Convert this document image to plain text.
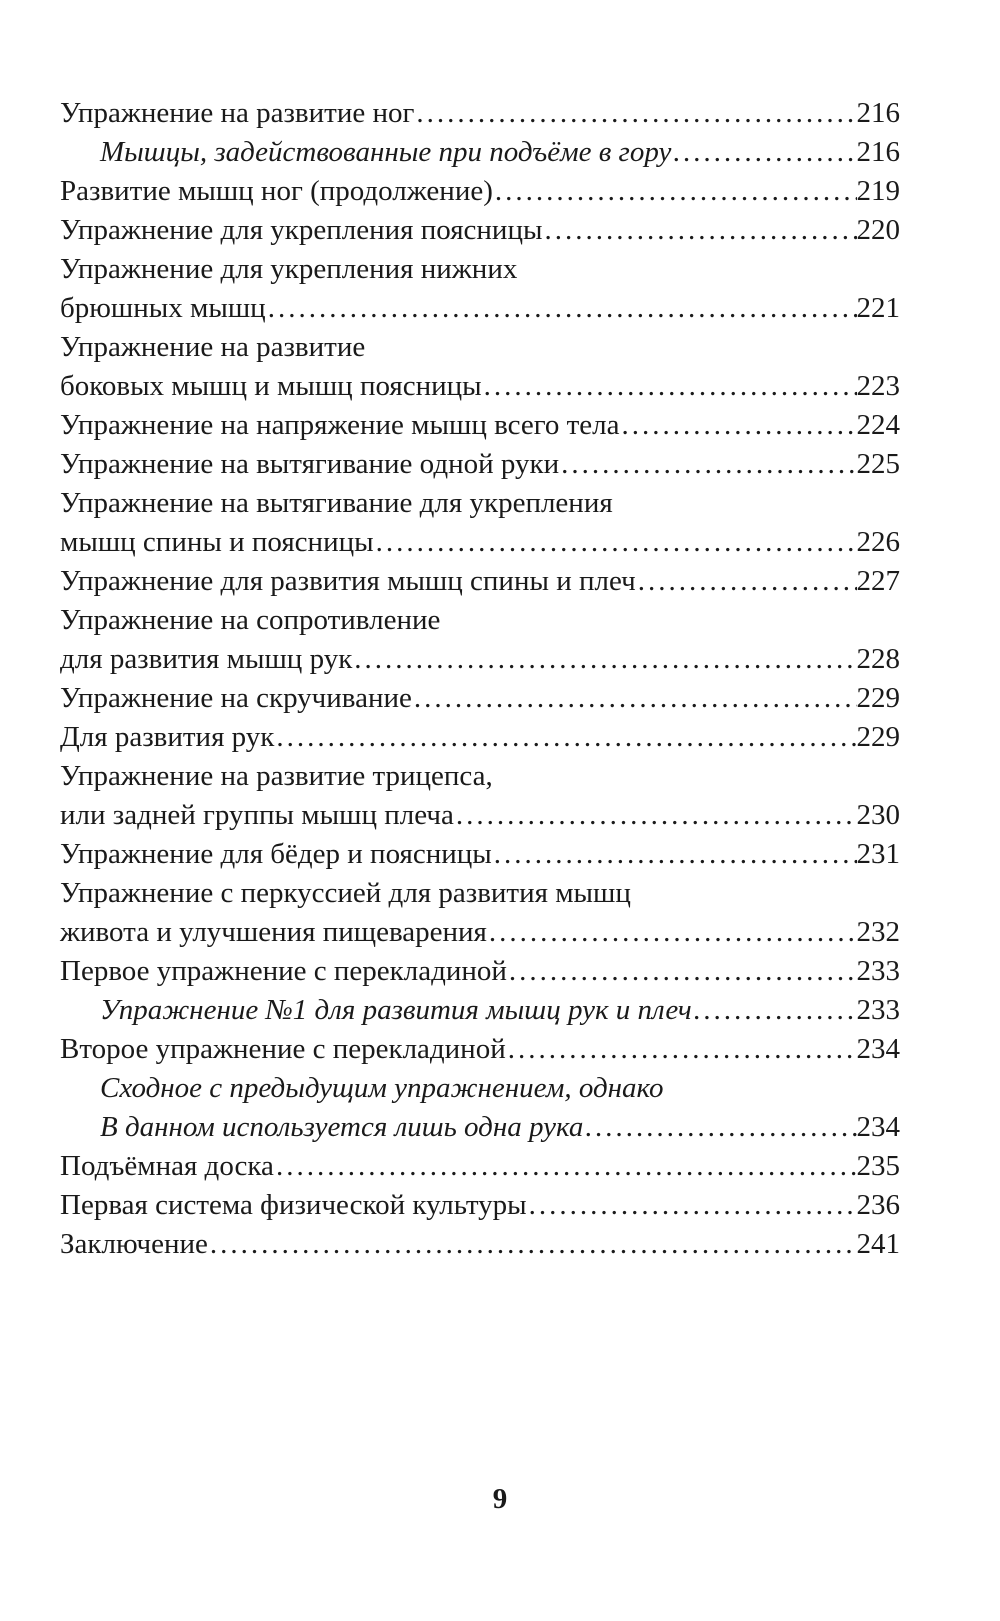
Упражнение на развитие ног .....	216
Мышцы, задействованные при подъёме в гору .....	216
Развитие мышц ног (продолжение) .....	219
Упражнение для укрепления поясницы .....	220
Упражнение для укрепления нижних
брюшных мышц .....	221
Упражнение на развитие
боковых мышц и мышц поясницы .....	223
Упражнение на напряжение мышц всего тела .....	224
Упражнение на вытягивание одной руки .....	225
Упражнение на вытягивание для укрепления
мышц спины и поясницы .....	226
Упражнение для развития мышц спины и плеч .....	227
Упражнение на сопротивление
для развития мышц рук .....	228
Упражнение на скручивание .....	229
Для развития рук .....	229
Упражнение на развитие трицепса,
или задней группы мышц плеча .....	230
Упражнение для бёдер и поясницы .....	231
Упражнение с перкуссией для развития мышц
живота и улучшения пищеварения .....	232
Первое упражнение с перекладиной .....	233
Упражнение №1 для развития мышц рук и плеч .....	233
Второе упражнение с перекладиной .....	234
Сходное с предыдущим упражнением, однако
В данном используется лишь одна рука .....	234
Подъёмная доска .....	235
Первая система физической культуры .....	236
Заключение .....	241
9
